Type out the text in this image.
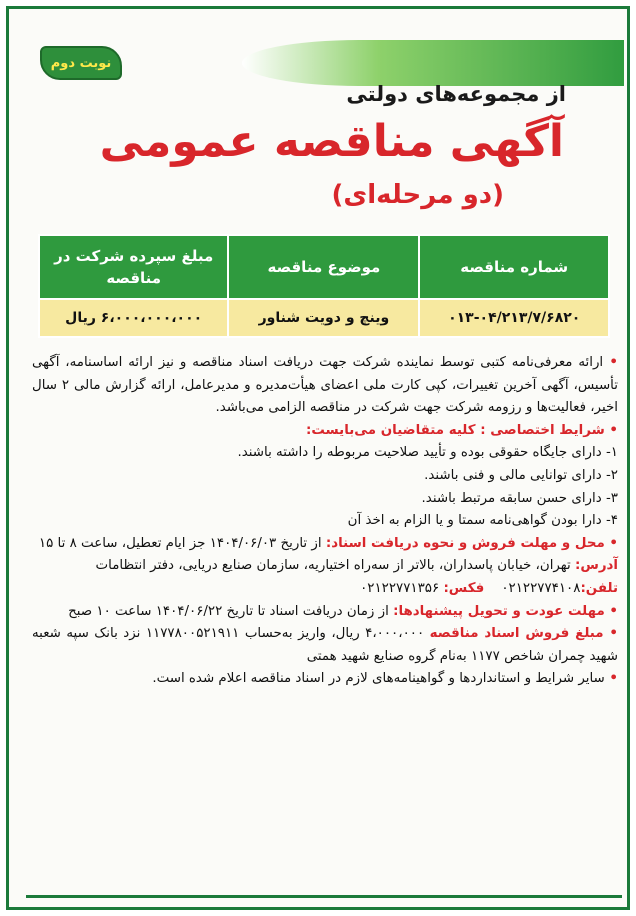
نوبت دوم
از مجموعه‌های دولتی
آگهی مناقصه عمومی
(دو مرحله‌ای)
شماره مناقصه	موضوع مناقصه	مبلغ سپرده شرکت در مناقصه
۰۱۳-۰۴/۲۱۳/۷/۶۸۲۰	وینچ و دویت شناور	۶،۰۰۰،۰۰۰،۰۰۰ ریال

• ارائه معرفی‌نامه کتبی توسط نماینده شرکت جهت دریافت اسناد مناقصه و نیز ارائه اساسنامه، آگهی تأسیس، آگهی آخرین تغییرات، کپی کارت ملی اعضای هیأت‌مدیره و مدیرعامل، ارائه گزارش مالی ۲ سال اخیر، فعالیت‌ها و رزومه شرکت جهت شرکت در مناقصه الزامی می‌باشد.

• شرایط اختصاصی : کلیه متقاضیان می‌بایست:

۱- دارای جایگاه حقوقی بوده و تأیید صلاحیت مربوطه را داشته باشند.

۲- دارای توانایی مالی و فنی باشند.

۳- دارای حسن سابقه مرتبط باشند.

۴- دارا بودن گواهی‌نامه سمتا و یا الزام به اخذ آن

• محل و مهلت فروش و نحوه دریافت اسناد: از تاریخ ۱۴۰۴/۰۶/۰۳ جز ایام تعطیل، ساعت ۸ تا ۱۵

آدرس: تهران، خیابان پاسداران، بالاتر از سه‌راه اختیاریه، سازمان صنایع دریایی، دفتر انتظامات

تلفن:۰۲۱۲۲۷۷۴۱۰۸    فکس: ۰۲۱۲۲۷۷۱۳۵۶

• مهلت عودت و تحویل پیشنهادها: از زمان دریافت اسناد تا تاریخ ۱۴۰۴/۰۶/۲۲ ساعت ۱۰ صبح

• مبلغ فروش اسناد مناقصه ۴،۰۰۰،۰۰۰ ریال، واریز به‌حساب ۱۱۷۷۸۰۰۵۲۱۹۱۱ نزد بانک سپه شعبه شهید چمران شاخص ۱۱۷۷ به‌نام گروه صنایع شهید همتی

• سایر شرایط و استانداردها و گواهینامه‌های لازم در اسناد مناقصه اعلام شده است.
